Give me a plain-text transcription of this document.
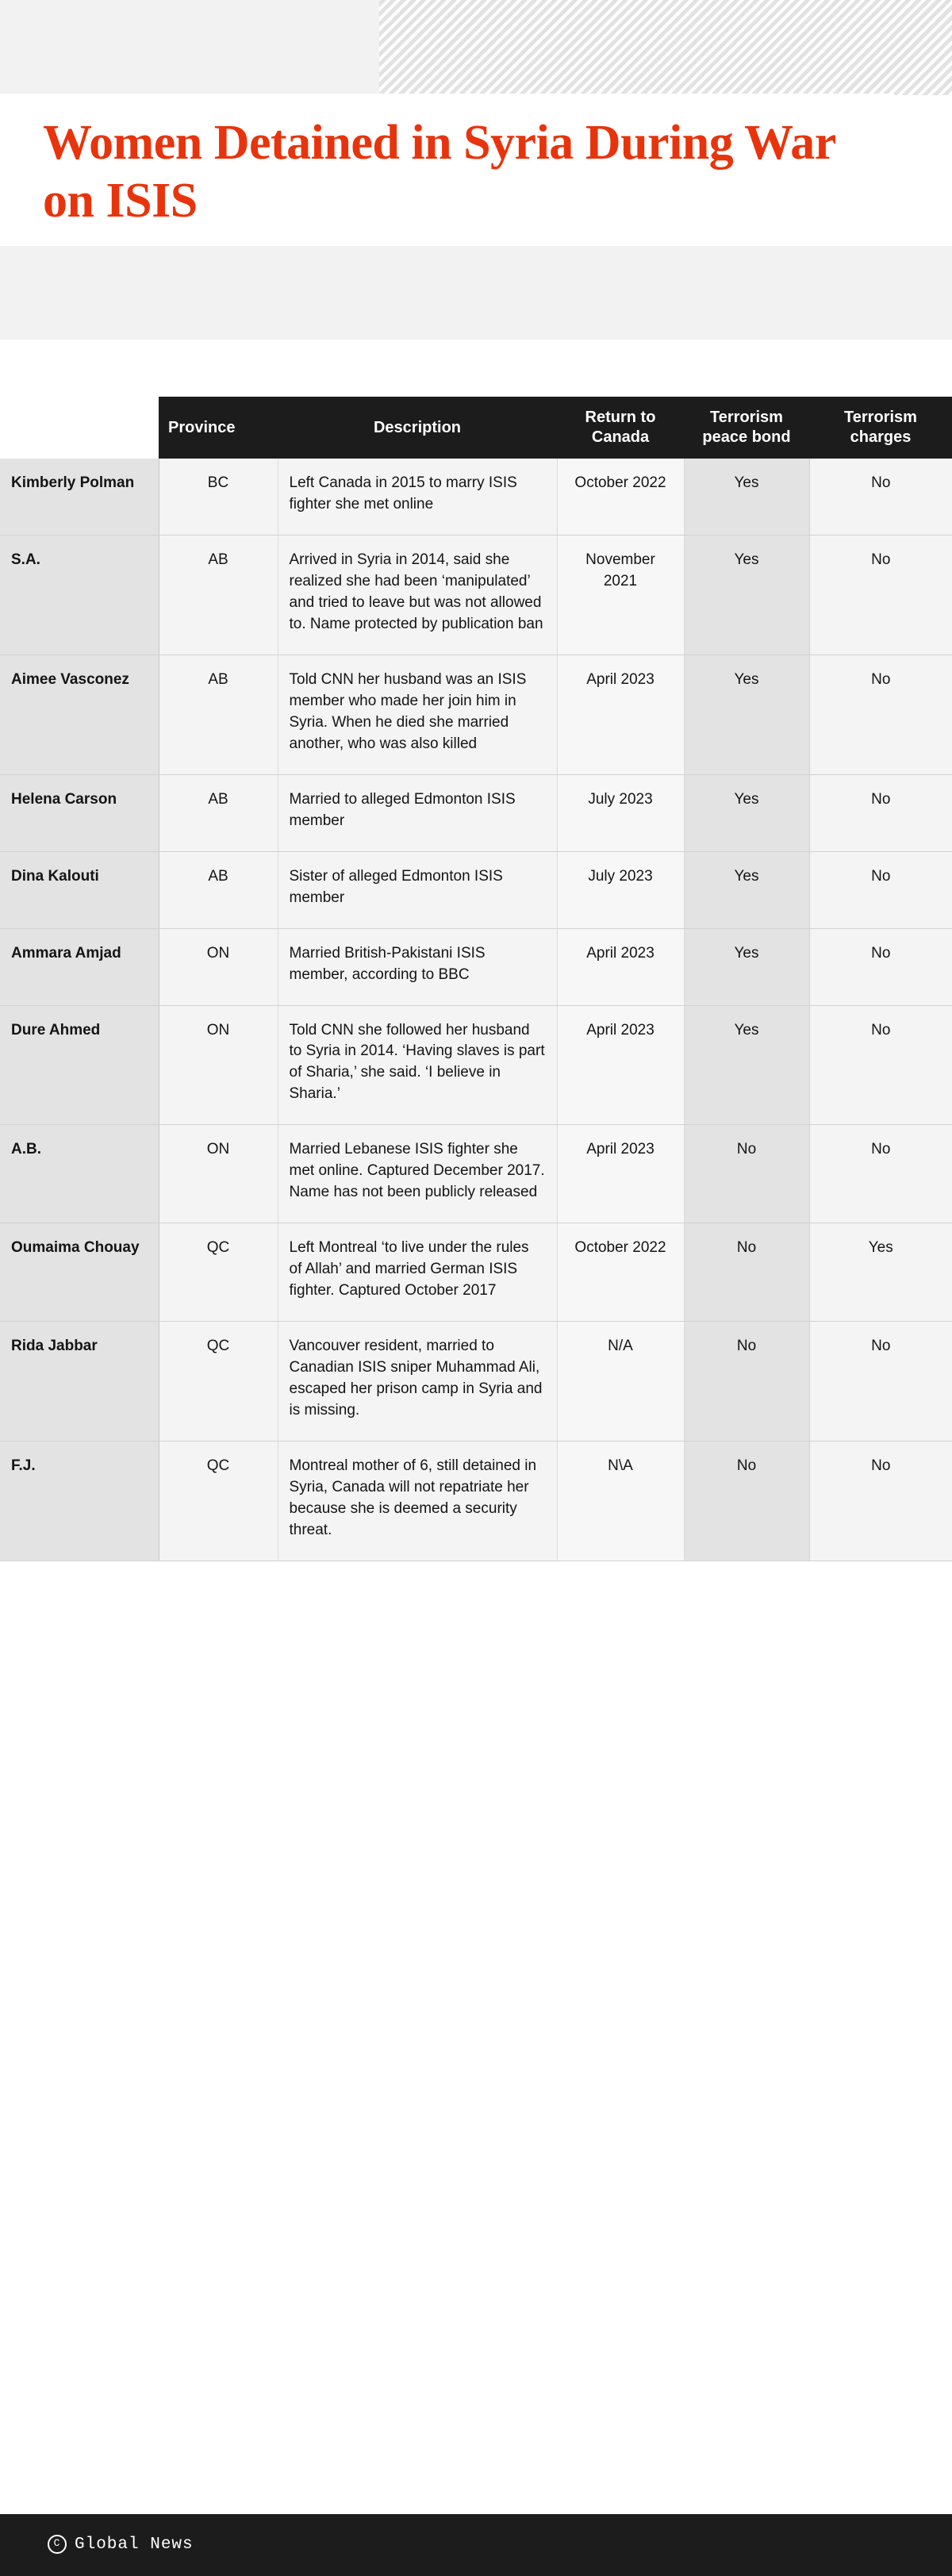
Women Detained in Syria During War on ISIS
	Province	Description	Return to Canada	Terrorism peace bond	Terrorism charges
Kimberly Polman	BC	Left Canada in 2015 to marry ISIS fighter she met online	October 2022	Yes	No
S.A.	AB	Arrived in Syria in 2014, said she realized she had been ‘manipulated’ and tried to leave but was not allowed to. Name protected by publication ban	November 2021	Yes	No
Aimee Vasconez	AB	Told CNN her husband was an ISIS member who made her join him in Syria. When he died she married another, who was also killed	April 2023	Yes	No
Helena Carson	AB	Married to alleged Edmonton ISIS member	July 2023	Yes	No
Dina Kalouti	AB	Sister of alleged Edmonton ISIS member	July 2023	Yes	No
Ammara Amjad	ON	Married British-Pakistani ISIS member, according to BBC	April 2023	Yes	No
Dure Ahmed	ON	Told CNN she followed her husband to Syria in 2014. ‘Having slaves is part of Sharia,’ she said. ‘I believe in Sharia.’	April 2023	Yes	No
A.B.	ON	Married Lebanese ISIS fighter she met online. Captured December 2017. Name has not been publicly released	April 2023	No	No
Oumaima Chouay	QC	Left Montreal ‘to live under the rules of Allah’ and married German ISIS fighter. Captured October 2017	October 2022	No	Yes
Rida Jabbar	QC	Vancouver resident, married to Canadian ISIS sniper Muhammad Ali, escaped her prison camp in Syria and is missing.	N/A	No	No
F.J.	QC	Montreal mother of 6, still detained in Syria, Canada will not repatriate her because she is deemed a security threat.	N\A	No	No
C Global News
